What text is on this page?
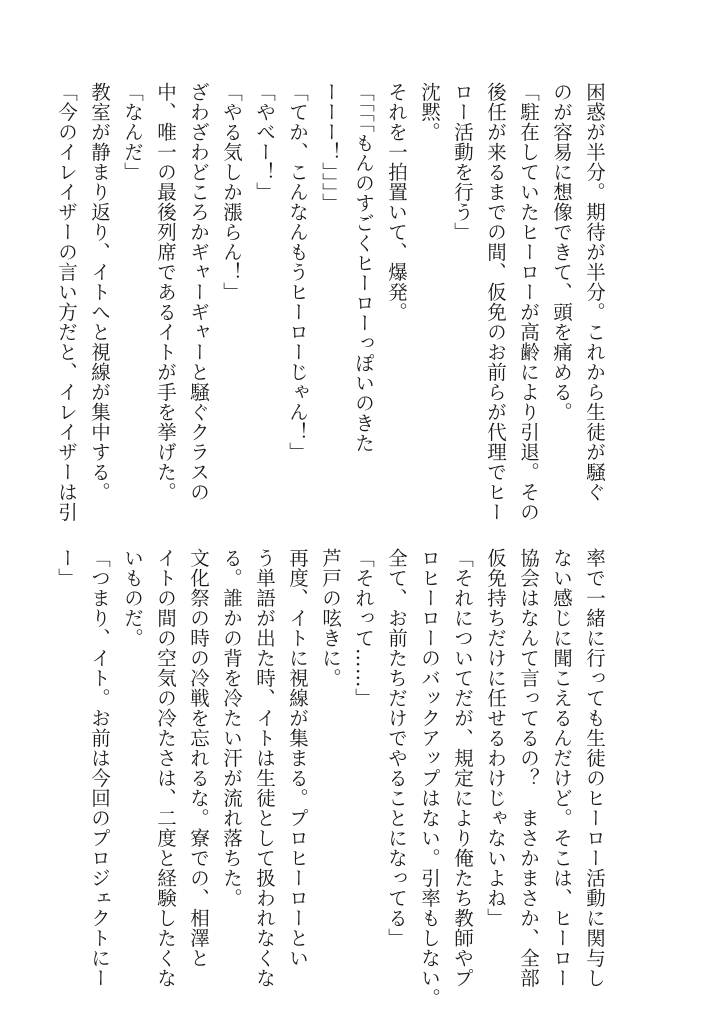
困惑が半分。期待が半分。これから生徒が騒ぐ
のが容易に想像できて、頭を痛める。
「駐在していたヒーローが高齢により引退。その
後任が来るまでの間、仮免のお前らが代理でヒー
ロー活動を行う」
沈黙。
それを一拍置いて、爆発。
「「「「もんのすごくヒーローっぽいのきた
ーーー！」」」」
「てか、こんなんもうヒーローじゃん！」
「やべー！」
「やる気しか漲らん！」
ざわざわどころかギャーギャーと騒ぐクラスの
中、唯一の最後列席であるイトが手を挙げた。
「なんだ」
教室が静まり返り、イトへと視線が集中する。
「今のイレイザーの言い方だと、イレイザーは引
率で一緒に行っても生徒のヒーロー活動に関与し
ない感じに聞こえるんだけど。そこは、ヒーロー
協会はなんて言ってるの？　まさかまさか、全部
仮免持ちだけに任せるわけじゃないよね」
「それについてだが、規定により俺たち教師やプ
ロヒーローのバックアップはない。引率もしない。
全て、お前たちだけでやることになってる」
「それって……」
芦戸の呟きに。
再度、イトに視線が集まる。プロヒーローとい
う単語が出た時、イトは生徒として扱われなくな
る。誰かの背を冷たい汗が流れ落ちた。
文化祭の時の冷戦を忘れるな。寮での、相澤と
イトの間の空気の冷たさは、二度と経験したくな
いものだ。
「つまり、イト。お前は今回のプロジェクトにー
ー」
